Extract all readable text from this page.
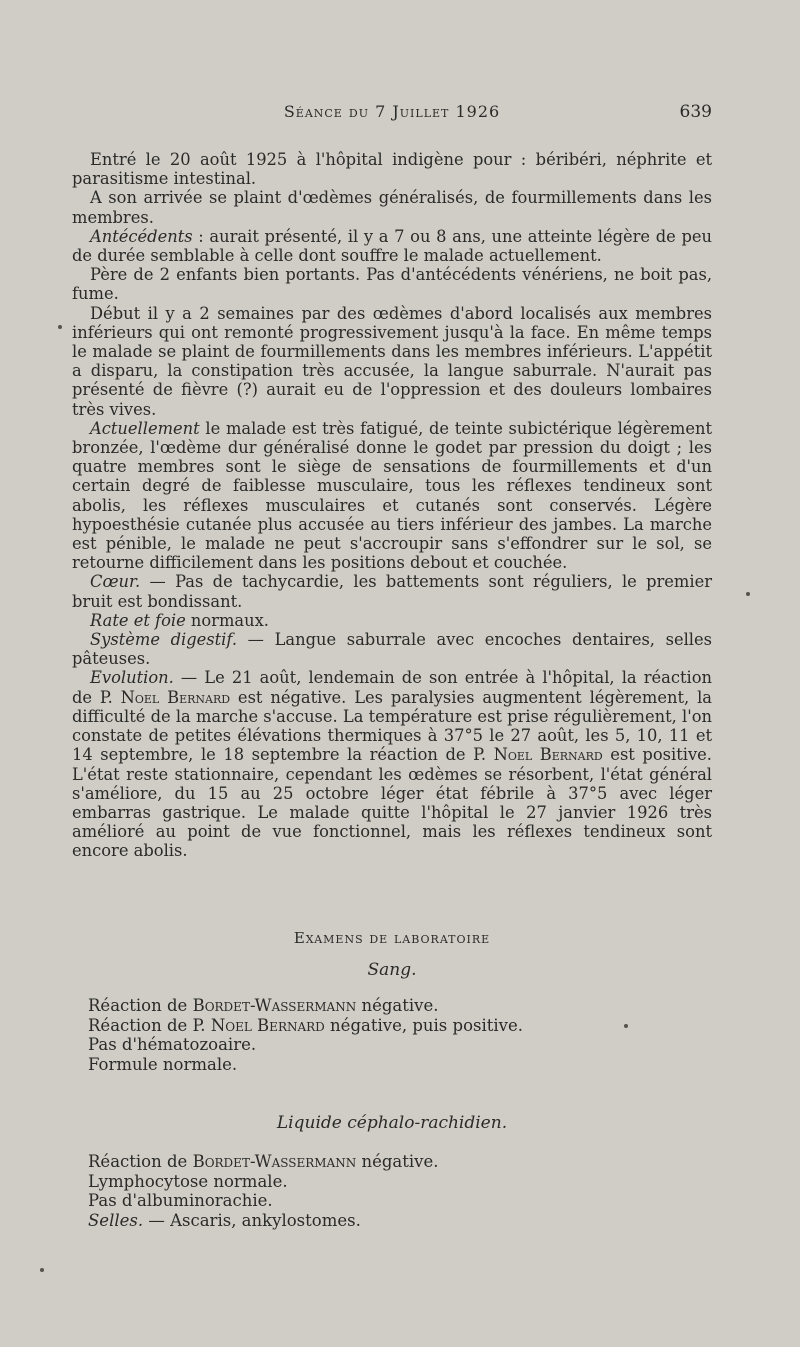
Séance du 7 Juillet 1926	639

Entré le 20 août 1925 à l'hôpital indigène pour : béribéri, néphrite et parasitisme intestinal.

A son arrivée se plaint d'œdèmes généralisés, de fourmillements dans les membres.

Antécédents : aurait présenté, il y a 7 ou 8 ans, une atteinte légère de peu de durée semblable à celle dont souffre le malade actuellement.

Père de 2 enfants bien portants. Pas d'antécédents vénériens, ne boit pas, fume.

Début il y a 2 semaines par des œdèmes d'abord localisés aux membres inférieurs qui ont remonté progressivement jusqu'à la face. En même temps le malade se plaint de fourmillements dans les membres inférieurs. L'appétit a disparu, la constipation très accusée, la langue saburrale. N'aurait pas présenté de fièvre (?) aurait eu de l'oppression et des douleurs lombaires très vives.

Actuellement le malade est très fatigué, de teinte subictérique légèrement bronzée, l'œdème dur généralisé donne le godet par pression du doigt ; les quatre membres sont le siège de sensations de fourmillements et d'un certain degré de faiblesse musculaire, tous les réflexes tendineux sont abolis, les réflexes musculaires et cutanés sont conservés. Légère hypoesthésie cutanée plus accusée au tiers inférieur des jambes. La marche est pénible, le malade ne peut s'accroupir sans s'effondrer sur le sol, se retourne difficilement dans les positions debout et couchée.

Cœur. — Pas de tachycardie, les battements sont réguliers, le premier bruit est bondissant.

Rate et foie normaux.

Système digestif. — Langue saburrale avec encoches dentaires, selles pâteuses.

Evolution. — Le 21 août, lendemain de son entrée à l'hôpital, la réaction de P. Noel Bernard est négative. Les paralysies augmentent légèrement, la difficulté de la marche s'accuse. La température est prise régulièrement, l'on constate de petites élévations thermiques à 37°5 le 27 août, les 5, 10, 11 et 14 septembre, le 18 septembre la réaction de P. Noel Bernard est positive. L'état reste stationnaire, cependant les œdèmes se résorbent, l'état général s'améliore, du 15 au 25 octobre léger état fébrile à 37°5 avec léger embarras gastrique. Le malade quitte l'hôpital le 27 janvier 1926 très amélioré au point de vue fonctionnel, mais les réflexes tendineux sont encore abolis.

Examens de laboratoire
Sang.
Réaction de Bordet-Wassermann négative.
Réaction de P. Noel Bernard négative, puis positive.
Pas d'hématozoaire.
Formule normale.
Liquide céphalo-rachidien.
Réaction de Bordet-Wassermann négative.
Lymphocytose normale.
Pas d'albuminorachie.
Selles. — Ascaris, ankylostomes.
